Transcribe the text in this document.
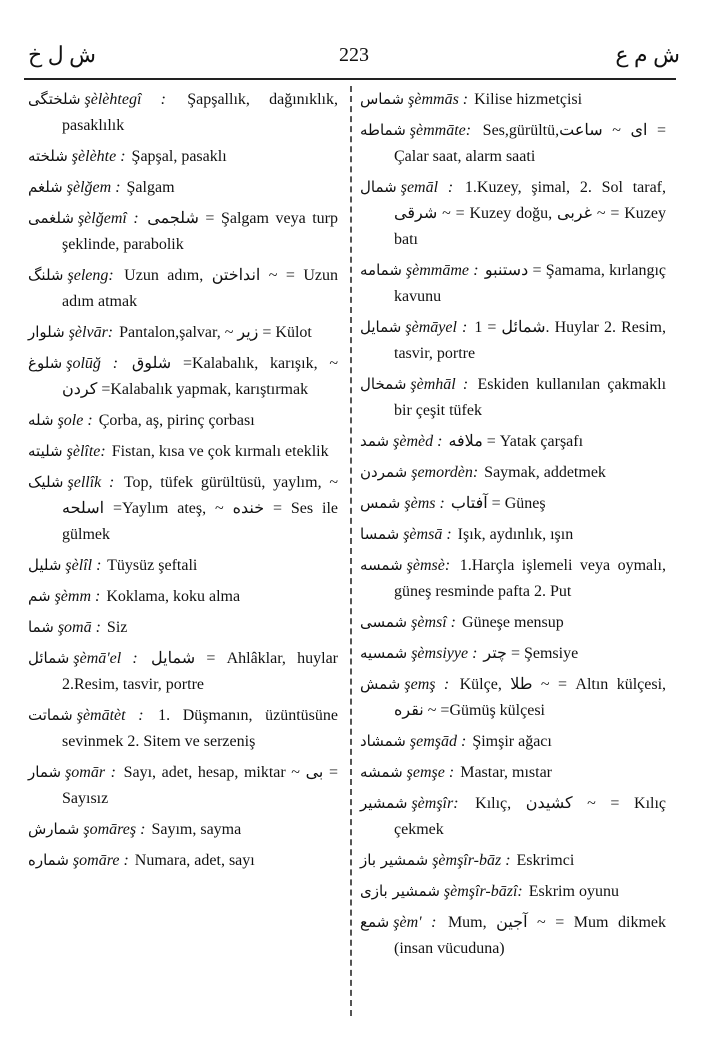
ش ل خ	223	ش م ع
شلختگی şèlèhtegî : Şapşallık, dağınıklık, pasaklılık
شلخته şèlèhte : Şapşal, pasaklı
شلغم şèlğem : Şalgam
شلغمی şèlğemî : شلجمی = Şalgam veya turp şeklinde, parabolik
شلنگ şeleng: Uzun adım, انداختن ~ = Uzun adım atmak
شلوار şèlvār: Pantalon,şalvar, ~ زیر = Külot
شلوغ şolūğ : شلوق =Kalabalık, karışık, ~ کردن =Kalabalık yapmak, karıştırmak
شله şole : Çorba, aş, pirinç çorbası
شلیته şèlîte: Fistan, kısa ve çok kırmalı eteklik
شلیک şellîk : Top, tüfek gürültüsü, yaylım, ~ اسلحه =Yaylım ateş, ~ خنده = Ses ile gülmek
شلیل şèlîl : Tüysüz şeftali
شم şèmm : Koklama, koku alma
شما şomā : Siz
شمائل şèmā'el : شمایل = Ahlâklar, huylar 2.Resim, tasvir, portre
شماتت şèmātèt : 1. Düşmanın, üzüntüsüne sevinmek 2. Sitem ve serzeniş
شمار şomār : Sayı, adet, hesap, miktar ~ بی = Sayısız
شمارش şomāreş : Sayım, sayma
شماره şomāre : Numara, adet, sayı
شماس şèmmās : Kilise hizmetçisi
شماطه şèmmāte: Ses,gürültü,ای ~ ساعت = Çalar saat, alarm saati
شمال şemāl : 1.Kuzey, şimal, 2. Sol taraf, شرقی ~ = Kuzey doğu, غربی ~ = Kuzey batı
شمامه şèmmāme : دستنبو = Şamama, kırlangıç kavunu
شمایل şèmāyel : شمائل = 1. Huylar 2. Resim, tasvir, portre
شمخال şèmhāl : Eskiden kullanılan çakmaklı bir çeşit tüfek
شمد şèmèd : ملافه = Yatak çarşafı
شمردن şemordèn: Saymak, addetmek
شمس şèms : آفتاب = Güneş
شمسا şèmsā : Işık, aydınlık, ışın
شمسه şèmsè: 1.Harçla işlemeli veya oymalı, güneş resminde pafta 2. Put
شمسی şèmsî : Güneşe mensup
شمسیه şèmsiyye : چتر = Şemsiye
شمش şemş : Külçe, طلا ~ = Altın külçesi, نقره ~ =Gümüş külçesi
شمشاد şemşād : Şimşir ağacı
شمشه şemşe : Mastar, mıstar
شمشیر şèmşîr: Kılıç, کشیدن ~ = Kılıç çekmek
شمشیر باز şèmşîr-bāz : Eskrimci
شمشیر بازی şèmşîr-bāzî: Eskrim oyunu
شمع şèm' : Mum, آجین ~ = Mum dikmek (insan vücuduna)
